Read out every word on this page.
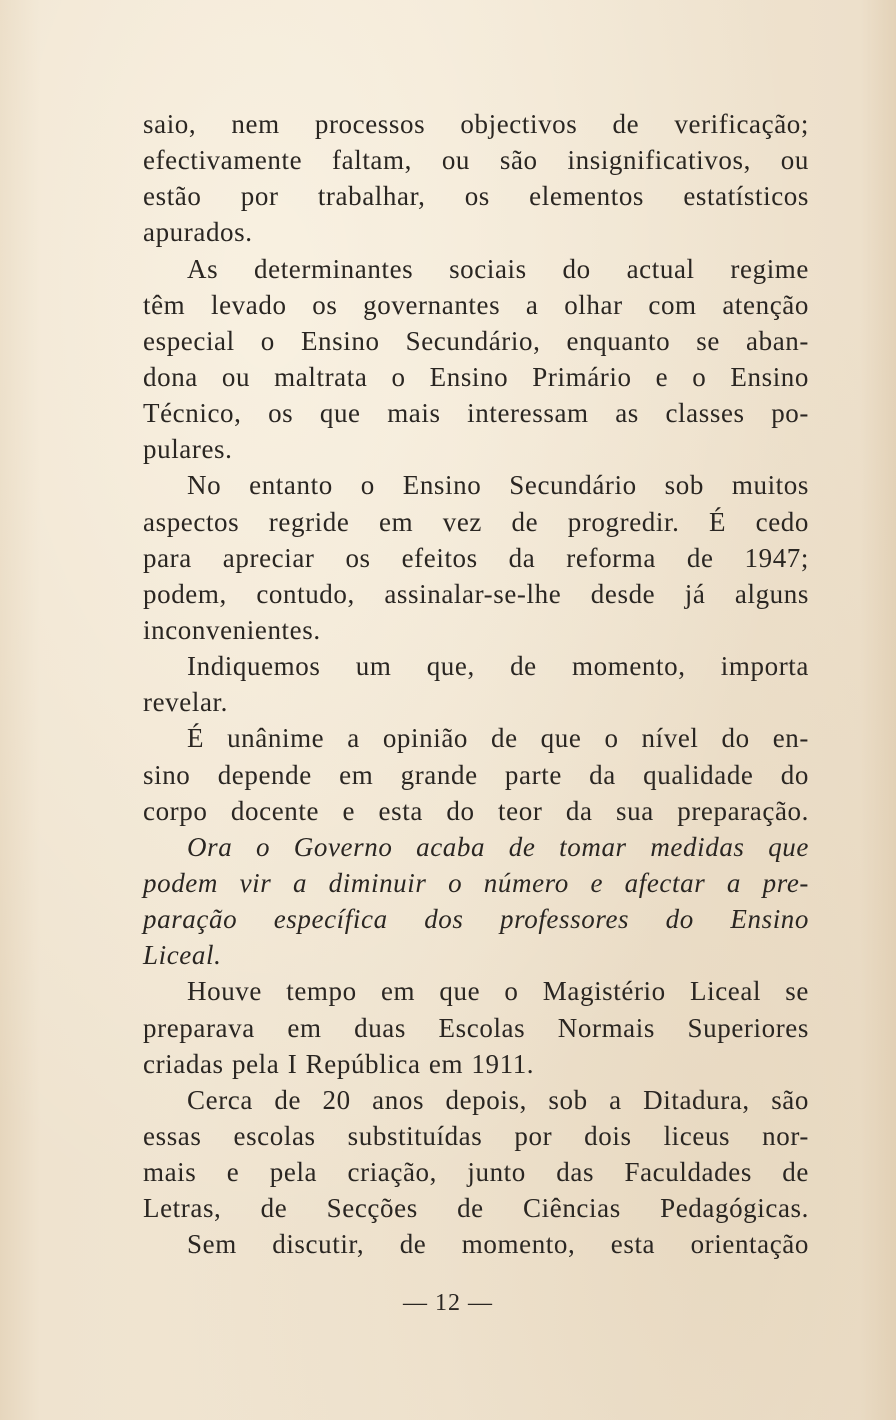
saio, nem processos objectivos de verificação;
efectivamente faltam, ou são insignificativos, ou
estão por trabalhar, os elementos estatísticos
apurados.
As determinantes sociais do actual regime
têm levado os governantes a olhar com atenção
especial o Ensino Secundário, enquanto se aban-
dona ou maltrata o Ensino Primário e o Ensino
Técnico, os que mais interessam as classes po-
pulares.
No entanto o Ensino Secundário sob muitos
aspectos regride em vez de progredir. É cedo
para apreciar os efeitos da reforma de 1947;
podem, contudo, assinalar-se-lhe desde já alguns
inconvenientes.
Indiquemos um que, de momento, importa
revelar.
É unânime a opinião de que o nível do en-
sino depende em grande parte da qualidade do
corpo docente e esta do teor da sua preparação.
Ora o Governo acaba de tomar medidas que
podem vir a diminuir o número e afectar a pre-
paração específica dos professores do Ensino
Liceal.
Houve tempo em que o Magistério Liceal se
preparava em duas Escolas Normais Superiores
criadas pela I República em 1911.
Cerca de 20 anos depois, sob a Ditadura, são
essas escolas substituídas por dois liceus nor-
mais e pela criação, junto das Faculdades de
Letras, de Secções de Ciências Pedagógicas.
Sem discutir, de momento, esta orientação
— 12 —
